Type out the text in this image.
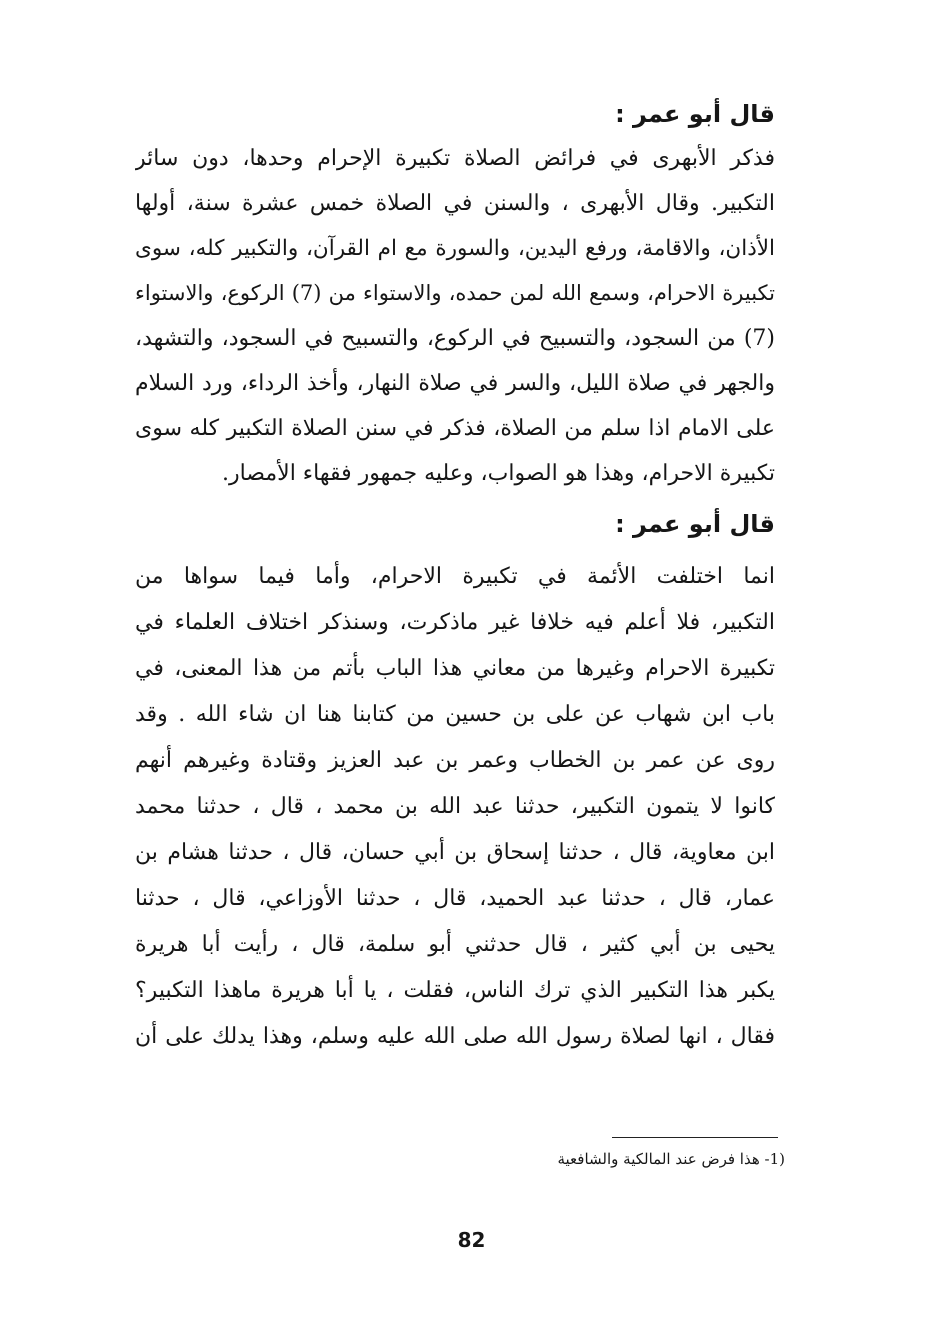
قال أبو عمر :
فذكر الأبهرى في فرائض الصلاة تكبيرة الإحرام وحدها، دون سائر
التكبير. وقال الأبهرى ، والسنن في الصلاة خمس عشرة سنة، أولها
الأذان، والاقامة، ورفع اليدين، والسورة مع ام القرآن، والتكبير كله، سوى
تكبيرة الاحرام، وسمع الله لمن حمده، والاستواء من (7) الركوع، والاستواء
(7) من السجود، والتسبيح في الركوع، والتسبيح في السجود، والتشهد،
والجهر في صلاة الليل، والسر في صلاة النهار، وأخذ الرداء، ورد السلام
على الامام اذا سلم من الصلاة، فذكر في سنن الصلاة التكبير كله سوى
تكبيرة الاحرام، وهذا هو الصواب، وعليه جمهور فقهاء الأمصار.
قال أبو عمر :
انما اختلفت الأئمة في تكبيرة الاحرام، وأما فيما سواها من
التكبير، فلا أعلم فيه خلافا غير ماذكرت، وسنذكر اختلاف العلماء في
تكبيرة الاحرام وغيرها من معاني هذا الباب بأتم من هذا المعنى، في
باب ابن شهاب عن على بن حسين من كتابنا هنا ان شاء الله . وقد
روى عن عمر بن الخطاب وعمر بن عبد العزيز وقتادة وغيرهم أنهم
كانوا لا يتمون التكبير، حدثنا عبد الله بن محمد ، قال ، حدثنا محمد
ابن معاوية، قال ، حدثنا إسحاق بن أبي حسان، قال ، حدثنا هشام بن
عمار، قال ، حدثنا عبد الحميد، قال ، حدثنا الأوزاعي، قال ، حدثنا
يحيى بن أبي كثير ، قال حدثني أبو سلمة، قال ، رأيت أبا هريرة
يكبر هذا التكبير الذي ترك الناس، فقلت ، يا أبا هريرة ماهذا التكبير؟
فقال ، انها لصلاة رسول الله صلى الله عليه وسلم، وهذا يدلك على أن
(1- هذا فرض عند المالكية والشافعية
82
